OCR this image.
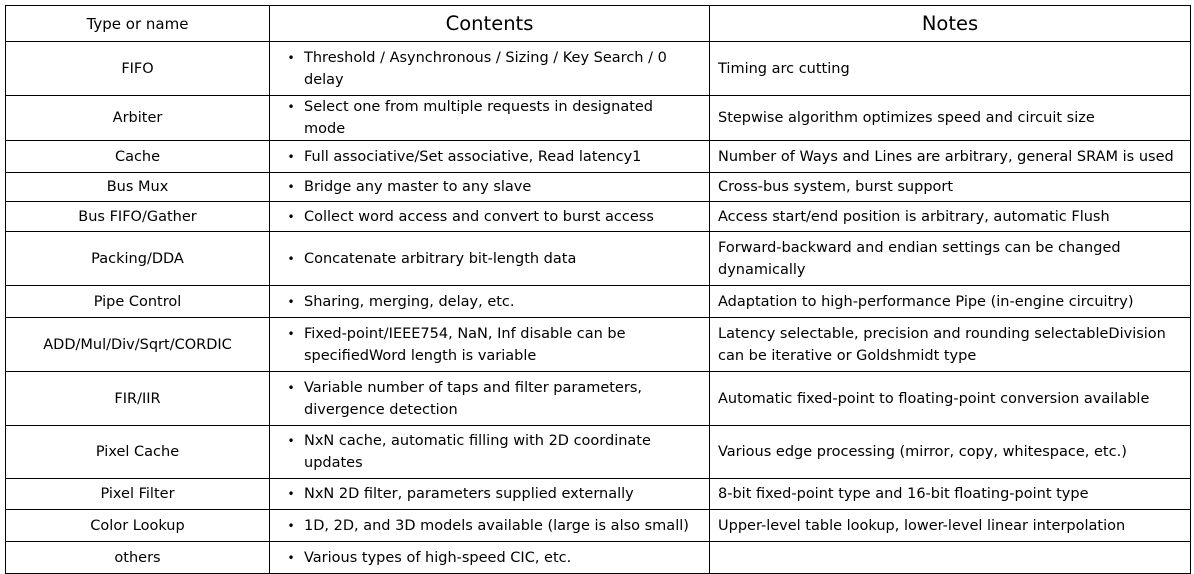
Type or name	Contents	Notes
FIFO	• Threshold / Asynchronous / Sizing / Key Search / 0 delay	Timing arc cutting
Arbiter	• Select one from multiple requests in designated mode	Stepwise algorithm optimizes speed and circuit size
Cache	• Full associative/Set associative, Read latency1	Number of Ways and Lines are arbitrary, general SRAM is used
Bus Mux	• Bridge any master to any slave	Cross-bus system, burst support
Bus FIFO/Gather	• Collect word access and convert to burst access	Access start/end position is arbitrary, automatic Flush
Packing/DDA	• Concatenate arbitrary bit-length data	Forward-backward and endian settings can be changed dynamically
Pipe Control	• Sharing, merging, delay, etc.	Adaptation to high-performance Pipe (in-engine circuitry)
ADD/Mul/Div/Sqrt/CORDIC	• Fixed-point/IEEE754, NaN, Inf disable can be specifiedWord length is variable	Latency selectable, precision and rounding selectableDivision can be iterative or Goldshmidt type
FIR/IIR	• Variable number of taps and filter parameters, divergence detection	Automatic fixed-point to floating-point conversion available
Pixel Cache	• NxN cache, automatic filling with 2D coordinate updates	Various edge processing (mirror, copy, whitespace, etc.)
Pixel Filter	• NxN 2D filter, parameters supplied externally	8-bit fixed-point type and 16-bit floating-point type
Color Lookup	• 1D, 2D, and 3D models available (large is also small)	Upper-level table lookup, lower-level linear interpolation
others	• Various types of high-speed CIC, etc.	
